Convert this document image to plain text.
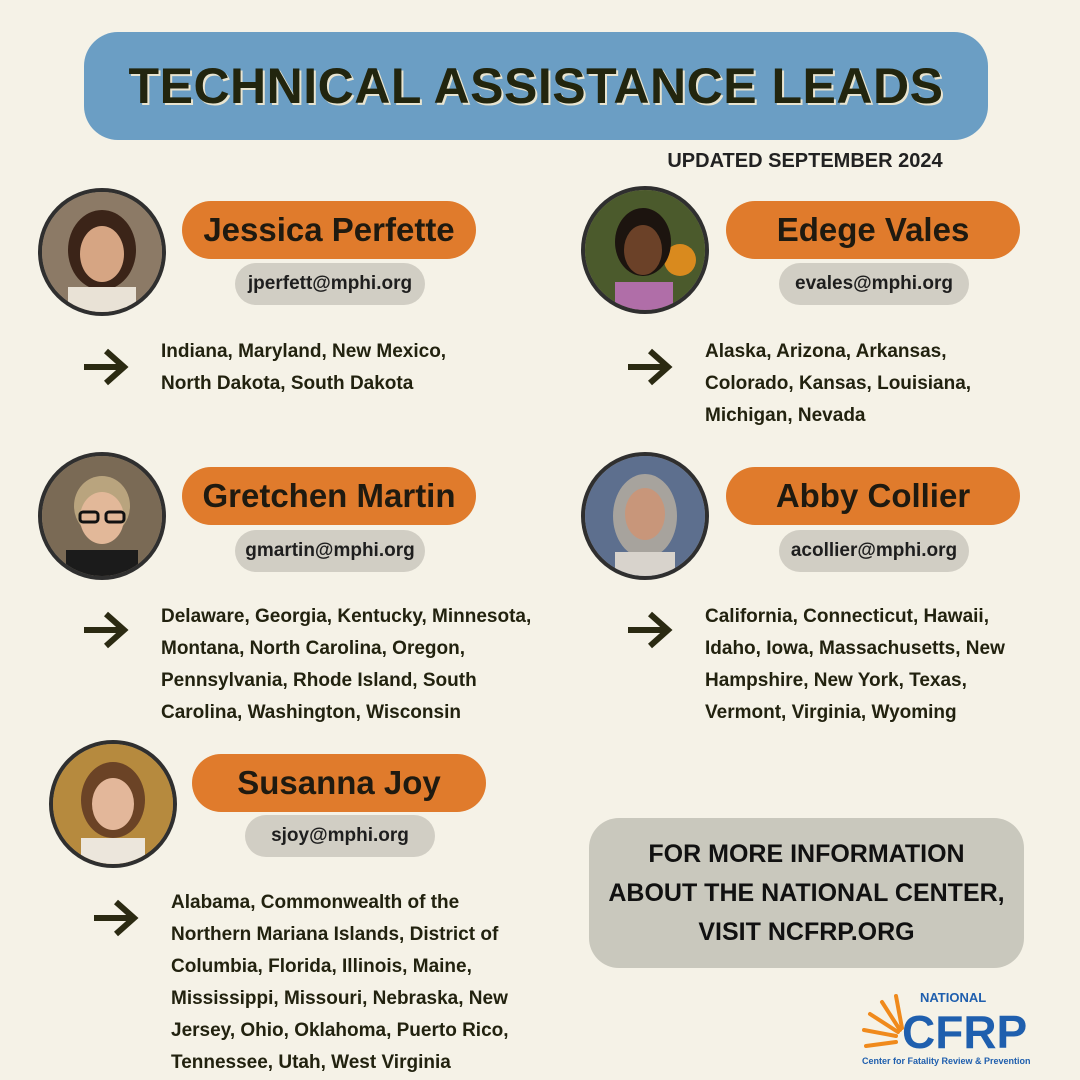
TECHNICAL ASSISTANCE LEADS
UPDATED SEPTEMBER 2024
Jessica Perfette
jperfett@mphi.org
Indiana, Maryland, New Mexico,
North Dakota, South Dakota
Edege Vales
evales@mphi.org
Alaska, Arizona, Arkansas,
Colorado, Kansas, Louisiana,
Michigan, Nevada
Gretchen Martin
gmartin@mphi.org
Delaware, Georgia, Kentucky, Minnesota,
Montana, North Carolina, Oregon,
Pennsylvania, Rhode Island, South
Carolina, Washington, Wisconsin
Abby Collier
acollier@mphi.org
California, Connecticut, Hawaii,
Idaho, Iowa, Massachusetts, New
Hampshire, New York, Texas,
Vermont, Virginia, Wyoming
Susanna Joy
sjoy@mphi.org
Alabama, Commonwealth of the
Northern Mariana Islands, District of
Columbia, Florida, Illinois, Maine,
Mississippi, Missouri, Nebraska, New
Jersey, Ohio, Oklahoma, Puerto Rico,
Tennessee, Utah, West Virginia
FOR MORE INFORMATION
ABOUT THE NATIONAL CENTER,
VISIT NCFRP.ORG
NATIONAL
CFRP
Center for Fatality Review & Prevention
